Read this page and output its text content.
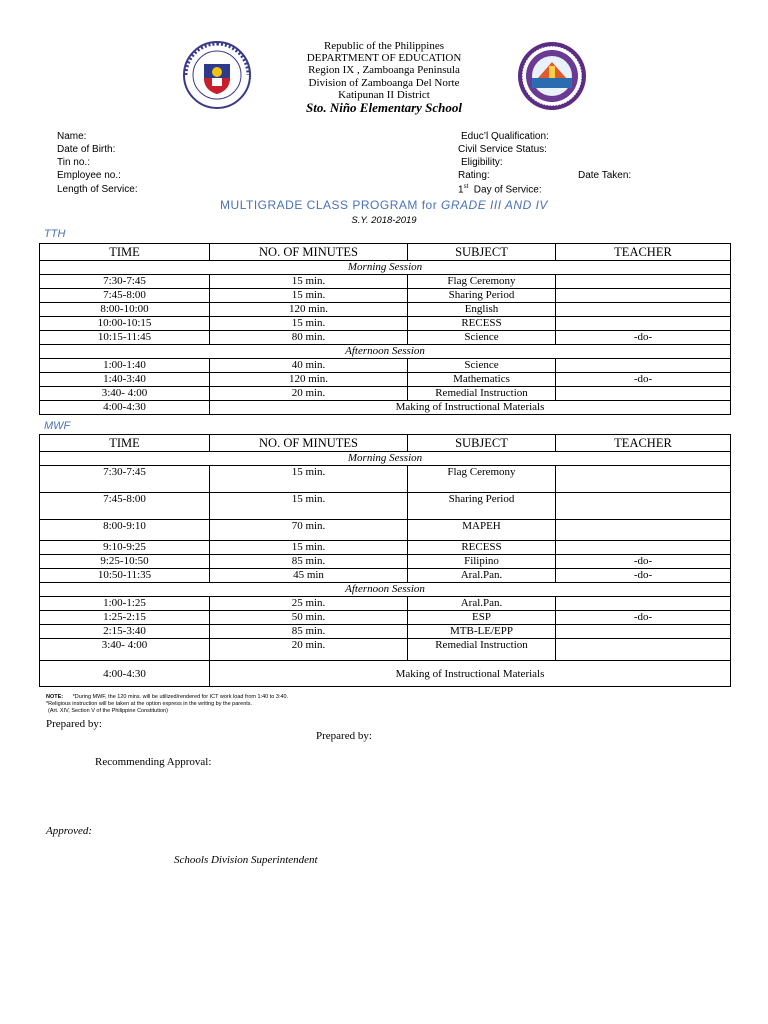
Republic of the Philippines
DEPARTMENT OF EDUCATION
Region IX , Zamboanga Peninsula
Division of Zamboanga Del Norte
Katipunan II District
Sto. Niño Elementary School
Name:
Date of Birth:
Tin no.:
Employee no.:
Length of Service:
Educ’l Qualification:
Civil Service Status:
Eligibility:
Rating:	Date Taken:
1st  Day of Service:
MULTIGRADE CLASS PROGRAM for GRADE III AND IV
S.Y. 2018-2019
TTH
TIME	NO. OF MINUTES	SUBJECT	TEACHER
Morning Session			
7:30-7:45	15 min.	Flag Ceremony	
7:45-8:00	15 min.	Sharing Period	
8:00-10:00	120 min.	English	
10:00-10:15	15 min.	RECESS	
10:15-11:45	80 min.	Science	-do-
Afternoon Session			
1:00-1:40	40 min.	Science	
1:40-3:40	120 min.	Mathematics	-do-
3:40- 4:00	20 min.	Remedial Instruction	
4:00-4:30	Making of Instructional Materials		
MWF
TIME	NO. OF MINUTES	SUBJECT	TEACHER
Morning Session			
7:30-7:45	15 min.	Flag Ceremony	
7:45-8:00	15 min.	Sharing Period	
8:00-9:10	70 min.	MAPEH	
9:10-9:25	15 min.	RECESS	
9:25-10:50	85 min.	Filipino	-do-
10:50-11:35	45 min	Aral.Pan.	-do-
Afternoon Session			
1:00-1:25	25 min.	Aral.Pan.	
1:25-2:15	50 min.	ESP	-do-
2:15-3:40	85 min.	MTB-LE/EPP	
3:40- 4:00	20 min.	Remedial Instruction	
4:00-4:30	Making of Instructional Materials		
NOTE: *During MWF, the 120 mins. will be utilized/rendered for ICT work load from 1:40 to 3:40.
*Religious instruction will be taken at the option express in the writing by the parents.
(Art. XIV, Section V of the Philippine Constitution)
Prepared by:
Prepared by:
Recommending Approval:
Approved:
Schools Division Superintendent
